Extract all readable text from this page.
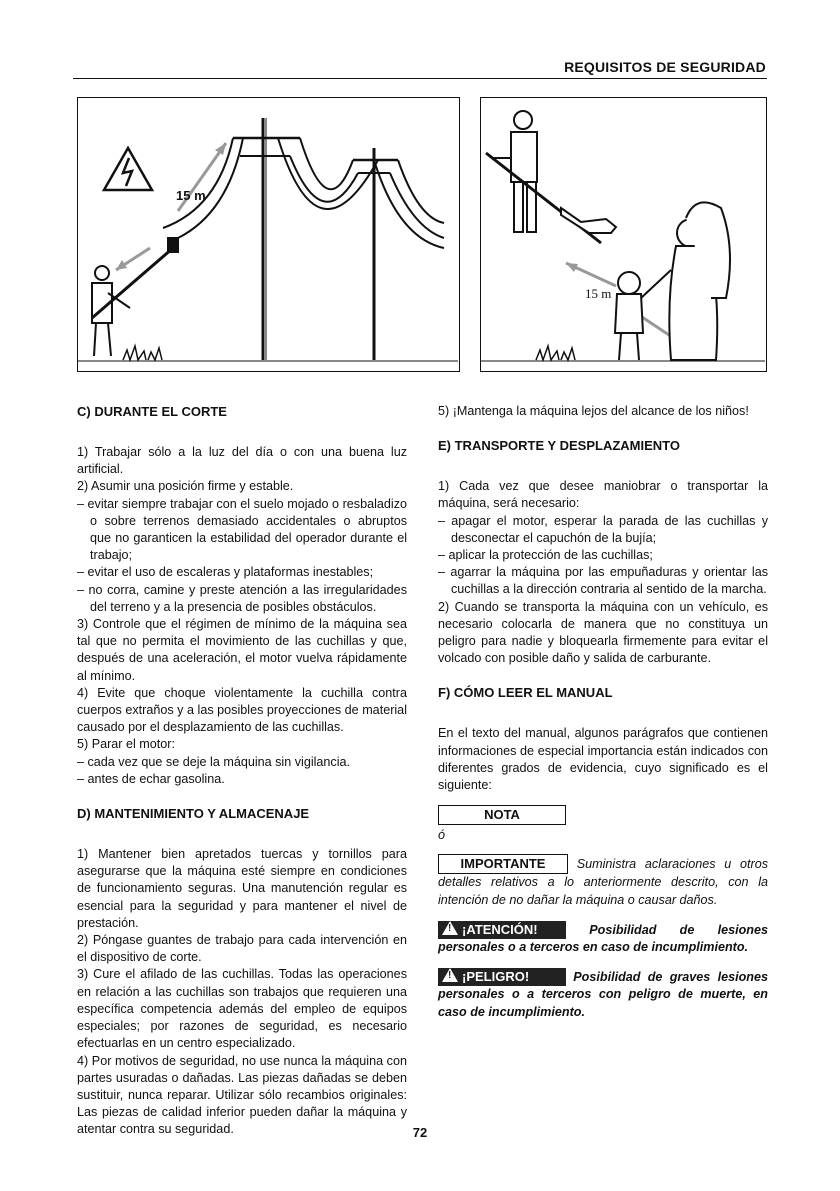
REQUISITOS DE SEGURIDAD
15 m
15 m
C) DURANTE EL CORTE

1) Trabajar sólo a la luz del día o con una buena luz artificial.

2) Asumir una posición firme y estable.

– evitar siempre trabajar con el suelo mojado o resbaladizo o sobre terrenos demasiado accidentales o abruptos que no garanticen la estabilidad del operador durante el trabajo;

– evitar el uso de escaleras y plataformas inestables;

– no corra, camine y preste atención a las irregularidades del terreno y a la presencia de posibles obstáculos.

3) Controle que el régimen de mínimo de la máquina sea tal que no permita el movimiento de las cuchillas y que, después de una aceleración, el motor vuelva rápidamente al mínimo.

4) Evite que choque violentamente la cuchilla contra cuerpos extraños y a las posibles proyecciones de material causado por el desplazamiento de las cuchillas.

5) Parar el motor:

– cada vez que se deje la máquina sin vigilancia.

– antes de echar gasolina.

D) MANTENIMIENTO Y ALMACENAJE

1) Mantener bien apretados tuercas y tornillos para asegurarse que la máquina esté siempre en condiciones de funcionamiento seguras. Una manutención regular es esencial para la seguridad y para mantener el nivel de prestación.

2) Póngase guantes de trabajo para cada intervención en el dispositivo de corte.

3) Cure el afilado de las cuchillas. Todas las operaciones en relación a las cuchillas son trabajos que requieren una específica competencia además del empleo de equipos especiales; por razones de seguridad, es necesario efectuarlas en un centro especializado.

4) Por motivos de seguridad, no use nunca la máquina con partes usuradas o dañadas. Las piezas dañadas se deben sustituir, nunca reparar. Utilizar sólo recambios originales: Las piezas de calidad inferior pueden dañar la máquina y atentar contra su seguridad.

5) ¡Mantenga la máquina lejos del alcance de los niños!

E) TRANSPORTE Y DESPLAZAMIENTO

1) Cada vez que desee maniobrar o transportar la máquina, será necesario:

– apagar el motor, esperar la parada de las cuchillas y desconectar el capuchón de la bujía;

– aplicar la protección de las cuchillas;

– agarrar la máquina por las empuñaduras y orientar las cuchillas a la dirección contraria al sentido de la marcha.

2) Cuando se transporta la máquina con un vehículo, es necesario colocarla de manera que no constituya un peligro para nadie y bloquearla firmemente para evitar el volcado con posible daño y salida de carburante.

F) CÓMO LEER EL MANUAL

En el texto del manual, algunos parágrafos que contienen informaciones de especial importancia están indicados con diferentes grados de evidencia, cuyo significado es el siguiente:

NOTA

ó

IMPORTANTE Suministra aclaraciones u otros detalles relativos a lo anteriormente descrito, con la intención de no dañar la máquina o causar daños.

! ¡ATENCIÓN!	Posibilidad de lesiones personales o a terceros en caso de incumplimiento.

! ¡PELIGRO!	Posibilidad de graves lesiones personales o a terceros con peligro de muerte, en caso de incumplimiento.

72
